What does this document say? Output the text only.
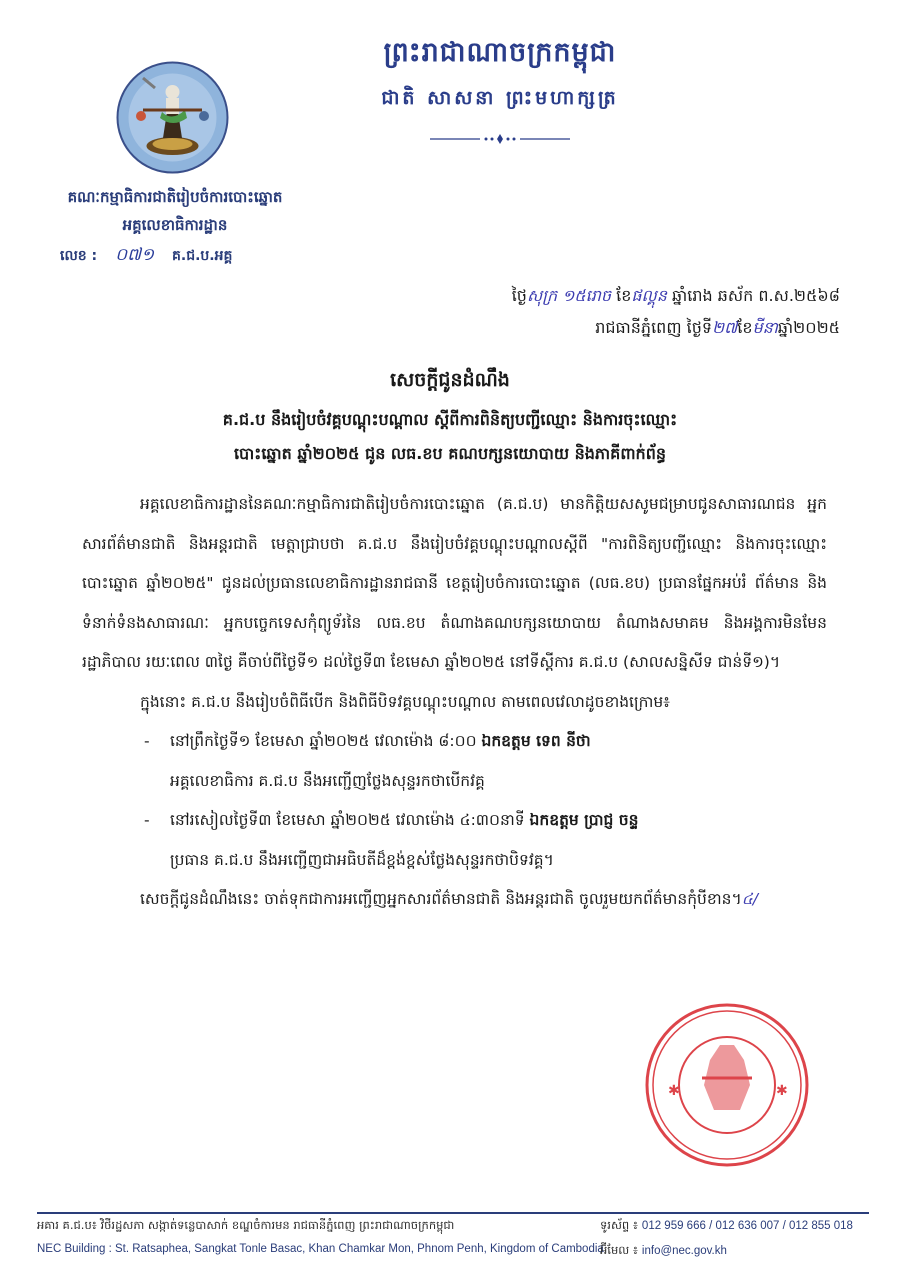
ព្រះរាជាណាចក្រកម្ពុជា
ជាតិ សាសនា ព្រះមហាក្សត្រ
គណៈកម្មាធិការជាតិរៀបចំការបោះឆ្នោត
អគ្គលេខាធិការដ្ឋាន
លេខ : ០៧១ គ.ជ.ប.អគ្គ
ថ្ងៃសុក្រ ១៥រោច ខែផល្គុន ឆ្នាំរោង ឆស័ក ព.ស.២៥៦៨
រាជធានីភ្នំពេញ ថ្ងៃទី២៧ខែមីនាឆ្នាំ២០២៥
សេចក្តីជូនដំណឹង
គ.ជ.ប នឹងរៀបចំវគ្គបណ្តុះបណ្តាល ស្តីពីការពិនិត្យបញ្ជីឈ្មោះ និងការចុះឈ្មោះ
បោះឆ្នោត ឆ្នាំ២០២៥ ជូន លធ.ខប គណបក្សនយោបាយ និងភាគីពាក់ព័ន្ធ

អគ្គលេខាធិការដ្ឋាននៃគណៈកម្មាធិការជាតិរៀបចំការបោះឆ្នោត (គ.ជ.ប) មានកិត្តិយសសូមជម្រាបជូនសាធារណជន អ្នកសារព័ត៌មានជាតិ និងអន្តរជាតិ មេត្តាជ្រាបថា គ.ជ.ប នឹងរៀបចំវគ្គបណ្តុះបណ្តាលស្តីពី "ការពិនិត្យបញ្ជីឈ្មោះ និងការចុះឈ្មោះបោះឆ្នោត ឆ្នាំ២០២៥" ជូនដល់ប្រធានលេខាធិការដ្ឋានរាជធានី ខេត្តរៀបចំការបោះឆ្នោត (លធ.ខប) ប្រធានផ្នែកអប់រំ ព័ត៌មាន និងទំនាក់ទំនងសាធារណៈ អ្នកបច្ចេកទេសកុំព្យូទ័រនៃ លធ.ខប តំណាងគណបក្សនយោបាយ តំណាងសមាគម និងអង្គការមិនមែនរដ្ឋាភិបាល រយៈពេល ៣ថ្ងៃ គឺចាប់ពីថ្ងៃទី១ ដល់ថ្ងៃទី៣ ខែមេសា ឆ្នាំ២០២៥ នៅទីស្តីការ គ.ជ.ប (សាលសន្និសីទ ជាន់ទី១)។

ក្នុងនោះ គ.ជ.ប នឹងរៀបចំពិធីបើក និងពិធីបិទវគ្គបណ្តុះបណ្តាល តាមពេលវេលាដូចខាងក្រោម៖

- នៅព្រឹកថ្ងៃទី១ ខែមេសា ឆ្នាំ២០២៥ វេលាម៉ោង ៨:០០ ឯកឧត្តម ទេព នីថា
អគ្គលេខាធិការ គ.ជ.ប នឹងអញ្ជើញថ្លែងសុន្ទរកថាបើកវគ្គ
- នៅរសៀលថ្ងៃទី៣ ខែមេសា ឆ្នាំ២០២៥ វេលាម៉ោង ៤:៣០នាទី ឯកឧត្តម ប្រាជ្ញ ចន្ទ
ប្រធាន គ.ជ.ប នឹងអញ្ជើញជាអធិបតីដ៏ខ្ពង់ខ្ពស់ថ្លែងសុន្ទរកថាបិទវគ្គ។

សេចក្តីជូនដំណឹងនេះ ចាត់ទុកជាការអញ្ជើញអ្នកសារព័ត៌មានជាតិ និងអន្តរជាតិ ចូលរួមយកព័ត៌មានកុំបីខាន។៤/

✱	✱
អគារ គ.ជ.ប៖ វិថីរដ្ឋសភា សង្កាត់ទន្លេបាសាក់ ខណ្ឌចំការមន រាជធានីភ្នំពេញ ព្រះរាជាណាចក្រកម្ពុជា
NEC Building : St. Ratsaphea, Sangkat Tonle Basac, Khan Chamkar Mon, Phnom Penh, Kingdom of Cambodia
ទូរស័ព្ទ ៖ 012 959 666 / 012 636 007 / 012 855 018
អ៊ីមែល ៖ info@nec.gov.kh
